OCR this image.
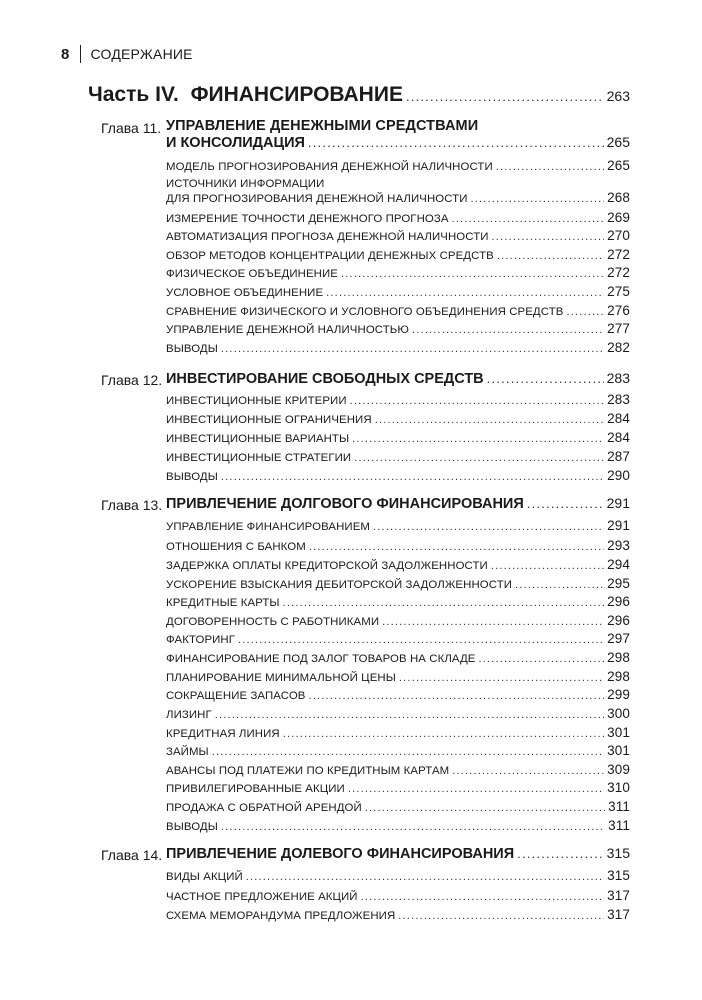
8 СОДЕРЖАНИЕ
Часть IV. ФИНАНСИРОВАНИЕ .....	263
Глава 11. УПРАВЛЕНИЕ ДЕНЕЖНЫМИ СРЕДСТВАМИ
И КОНСОЛИДАЦИЯ .....	265
МОДЕЛЬ ПРОГНОЗИРОВАНИЯ ДЕНЕЖНОЙ НАЛИЧНОСТИ .....	265
ИСТОЧНИКИ ИНФОРМАЦИИ
ДЛЯ ПРОГНОЗИРОВАНИЯ ДЕНЕЖНОЙ НАЛИЧНОСТИ .....	268
ИЗМЕРЕНИЕ ТОЧНОСТИ ДЕНЕЖНОГО ПРОГНОЗА .....	269
АВТОМАТИЗАЦИЯ ПРОГНОЗА ДЕНЕЖНОЙ НАЛИЧНОСТИ .....	270
ОБЗОР МЕТОДОВ КОНЦЕНТРАЦИИ ДЕНЕЖНЫХ СРЕДСТВ .....	272
ФИЗИЧЕСКОЕ ОБЪЕДИНЕНИЕ .....	272
УСЛОВНОЕ ОБЪЕДИНЕНИЕ .....	275
СРАВНЕНИЕ ФИЗИЧЕСКОГО И УСЛОВНОГО ОБЪЕДИНЕНИЯ СРЕДСТВ .....	276
УПРАВЛЕНИЕ ДЕНЕЖНОЙ НАЛИЧНОСТЬЮ .....	277
ВЫВОДЫ .....	282
Глава 12. ИНВЕСТИРОВАНИЕ СВОБОДНЫХ СРЕДСТВ .....	283
ИНВЕСТИЦИОННЫЕ КРИТЕРИИ .....	283
ИНВЕСТИЦИОННЫЕ ОГРАНИЧЕНИЯ .....	284
ИНВЕСТИЦИОННЫЕ ВАРИАНТЫ .....	284
ИНВЕСТИЦИОННЫЕ СТРАТЕГИИ .....	287
ВЫВОДЫ .....	290
Глава 13. ПРИВЛЕЧЕНИЕ ДОЛГОВОГО ФИНАНСИРОВАНИЯ .....	291
УПРАВЛЕНИЕ ФИНАНСИРОВАНИЕМ .....	291
ОТНОШЕНИЯ С БАНКОМ .....	293
ЗАДЕРЖКА ОПЛАТЫ КРЕДИТОРСКОЙ ЗАДОЛЖЕННОСТИ .....	294
УСКОРЕНИЕ ВЗЫСКАНИЯ ДЕБИТОРСКОЙ ЗАДОЛЖЕННОСТИ .....	295
КРЕДИТНЫЕ КАРТЫ .....	296
ДОГОВОРЕННОСТЬ С РАБОТНИКАМИ .....	296
ФАКТОРИНГ .....	297
ФИНАНСИРОВАНИЕ ПОД ЗАЛОГ ТОВАРОВ НА СКЛАДЕ .....	298
ПЛАНИРОВАНИЕ МИНИМАЛЬНОЙ ЦЕНЫ .....	298
СОКРАЩЕНИЕ ЗАПАСОВ .....	299
ЛИЗИНГ .....	300
КРЕДИТНАЯ ЛИНИЯ .....	301
ЗАЙМЫ .....	301
АВАНСЫ ПОД ПЛАТЕЖИ ПО КРЕДИТНЫМ КАРТАМ .....	309
ПРИВИЛЕГИРОВАННЫЕ АКЦИИ .....	310
ПРОДАЖА С ОБРАТНОЙ АРЕНДОЙ .....	311
ВЫВОДЫ .....	311
Глава 14. ПРИВЛЕЧЕНИЕ ДОЛЕВОГО ФИНАНСИРОВАНИЯ .....	315
ВИДЫ АКЦИЙ .....	315
ЧАСТНОЕ ПРЕДЛОЖЕНИЕ АКЦИЙ .....	317
СХЕМА МЕМОРАНДУМА ПРЕДЛОЖЕНИЯ .....	317
